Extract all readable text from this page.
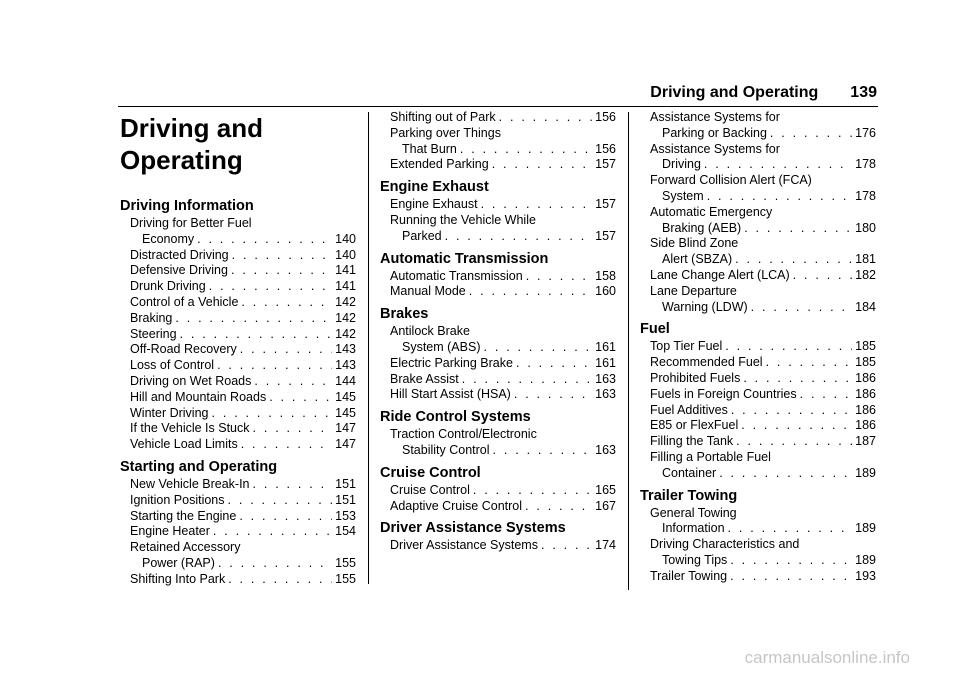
Driving and Operating 139
Driving and
Operating
Driving Information
Driving for Better Fuel
Economy . . .	140
Distracted Driving . . .	140
Defensive Driving . . .	141
Drunk Driving . . .	141
Control of a Vehicle . . .	142
Braking . . .	142
Steering . . .	142
Off-Road Recovery . . .	143
Loss of Control . . .	143
Driving on Wet Roads . . .	144
Hill and Mountain Roads . . .	145
Winter Driving . . .	145
If the Vehicle Is Stuck . . .	147
Vehicle Load Limits . . .	147
Starting and Operating
New Vehicle Break-In . . .	151
Ignition Positions . . .	151
Starting the Engine . . .	153
Engine Heater . . .	154
Retained Accessory
Power (RAP) . . .	155
Shifting Into Park . . .	155
Shifting out of Park . . .	156
Parking over Things
That Burn . . .	156
Extended Parking . . .	157
Engine Exhaust
Engine Exhaust . . .	157
Running the Vehicle While
Parked . . .	157
Automatic Transmission
Automatic Transmission . . .	158
Manual Mode . . .	160
Brakes
Antilock Brake
System (ABS) . . .	161
Electric Parking Brake . . .	161
Brake Assist . . .	163
Hill Start Assist (HSA) . . .	163
Ride Control Systems
Traction Control/Electronic
Stability Control . . .	163
Cruise Control
Cruise Control . . .	165
Adaptive Cruise Control . . .	167
Driver Assistance Systems
Driver Assistance Systems . . .	174
Assistance Systems for
Parking or Backing . . .	176
Assistance Systems for
Driving . . .	178
Forward Collision Alert (FCA)
System . . .	178
Automatic Emergency
Braking (AEB) . . .	180
Side Blind Zone
Alert (SBZA) . . .	181
Lane Change Alert (LCA) . . .	182
Lane Departure
Warning (LDW) . . .	184
Fuel
Top Tier Fuel . . .	185
Recommended Fuel . . .	185
Prohibited Fuels . . .	186
Fuels in Foreign Countries . . .	186
Fuel Additives . . .	186
E85 or FlexFuel . . .	186
Filling the Tank . . .	187
Filling a Portable Fuel
Container . . .	189
Trailer Towing
General Towing
Information . . .	189
Driving Characteristics and
Towing Tips . . .	189
Trailer Towing . . .	193
carmanualsonline.info
